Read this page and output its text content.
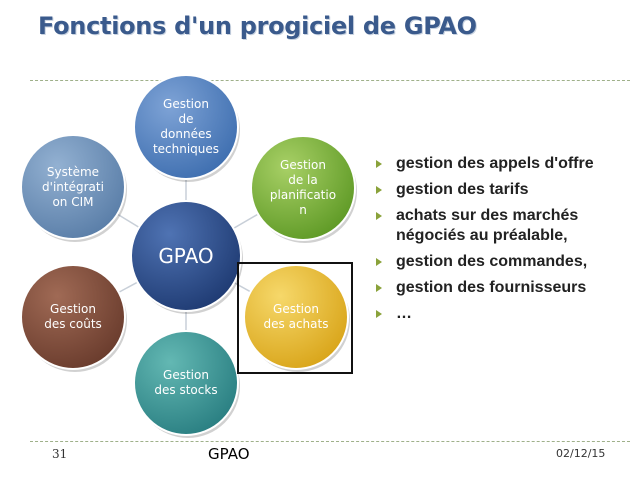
Fonctions d'un progiciel de GPAO
Gestion
de
données
techniques
Gestion
de la
planificatio
n
Gestion
des achats
Gestion
des stocks
Gestion
des coûts
Système
d'intégrati
on CIM
GPAO
gestion des appels d'offre
gestion des tarifs
achats sur des marchés négociés au préalable,
gestion des commandes,
gestion des fournisseurs
…
31	GPAO	02/12/15
